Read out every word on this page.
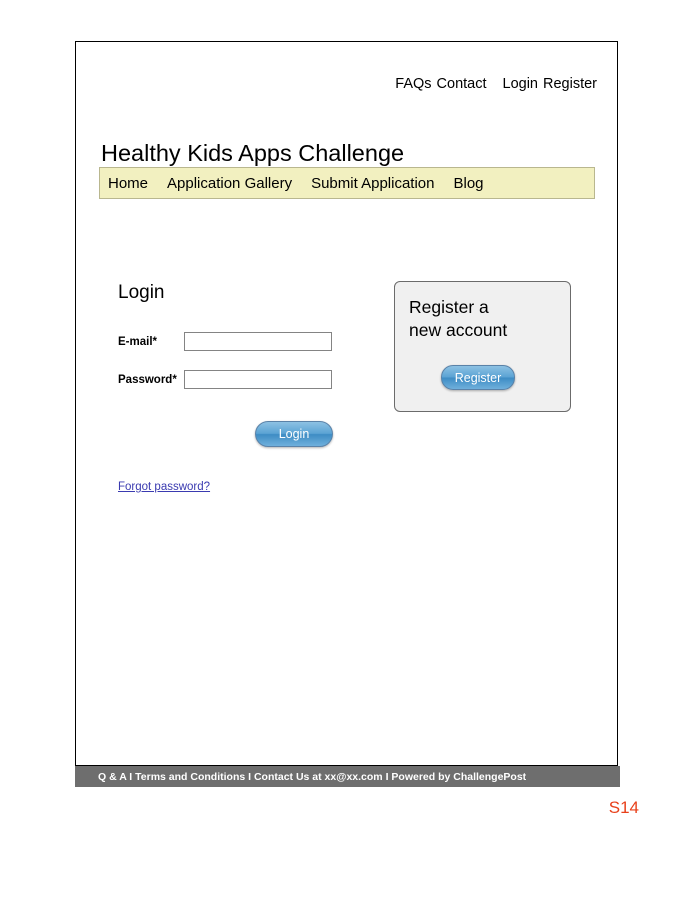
FAQs Contact Login Register
Healthy Kids Apps Challenge
Home Application Gallery Submit Application Blog
Login
E-mail*
Password*
Login
Forgot password?
Register a
new account
Register
Q & A I Terms and Conditions I Contact Us at xx@xx.com I Powered by ChallengePost
S14
